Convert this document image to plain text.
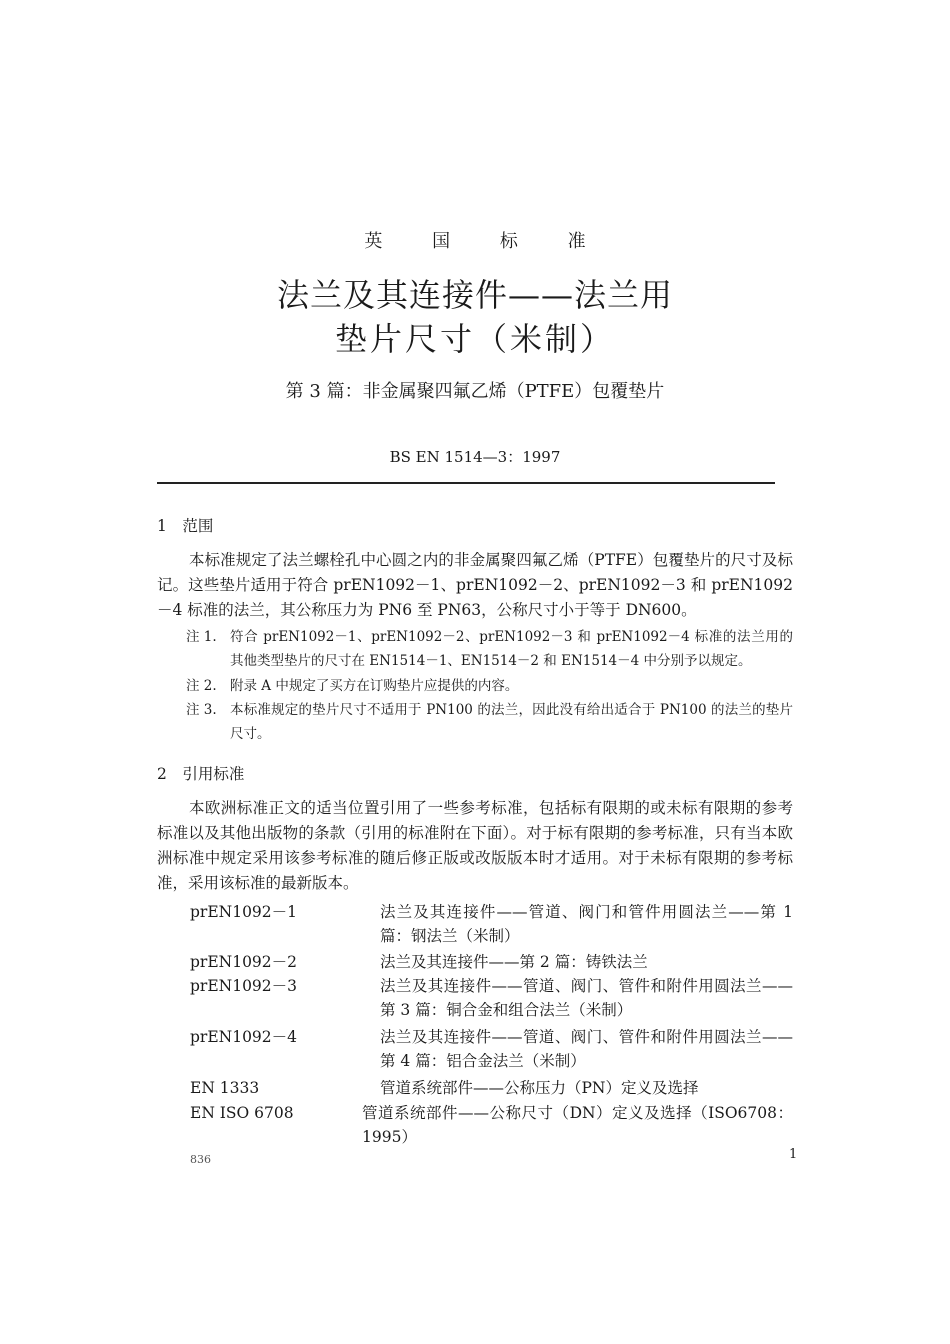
英 国 标 准
法兰及其连接件——法兰用
垫片尺寸（米制）
第 3 篇：非金属聚四氟乙烯（PTFE）包覆垫片
BS EN 1514—3：1997
1　范围
本标准规定了法兰螺栓孔中心圆之内的非金属聚四氟乙烯（PTFE）包覆垫片的尺寸及标记。这些垫片适用于符合 prEN1092－1、prEN1092－2、prEN1092－3 和 prEN1092－4 标准的法兰，其公称压力为 PN6 至 PN63，公称尺寸小于等于 DN600。
注 1. 符合 prEN1092－1、prEN1092－2、prEN1092－3 和 prEN1092－4 标准的法兰用的其他类型垫片的尺寸在 EN1514－1、EN1514－2 和 EN1514－4 中分别予以规定。
注 2. 附录 A 中规定了买方在订购垫片应提供的内容。
注 3. 本标准规定的垫片尺寸不适用于 PN100 的法兰，因此没有给出适合于 PN100 的法兰的垫片尺寸。
2　引用标准
本欧洲标准正文的适当位置引用了一些参考标准，包括标有限期的或未标有限期的参考标准以及其他出版物的条款（引用的标准附在下面）。对于标有限期的参考标准，只有当本欧洲标准中规定采用该参考标准的随后修正版或改版版本时才适用。对于未标有限期的参考标准，采用该标准的最新版本。
prEN1092－1	法兰及其连接件——管道、阀门和管件用圆法兰——第 1 篇：钢法兰（米制）
prEN1092－2	法兰及其连接件——第 2 篇：铸铁法兰
prEN1092－3	法兰及其连接件——管道、阀门、管件和附件用圆法兰——第 3 篇：铜合金和组合法兰（米制）
prEN1092－4	法兰及其连接件——管道、阀门、管件和附件用圆法兰——第 4 篇：铝合金法兰（米制）
EN 1333	管道系统部件——公称压力（PN）定义及选择
EN ISO 6708	管道系统部件——公称尺寸（DN）定义及选择（ISO6708：1995）
836	1
